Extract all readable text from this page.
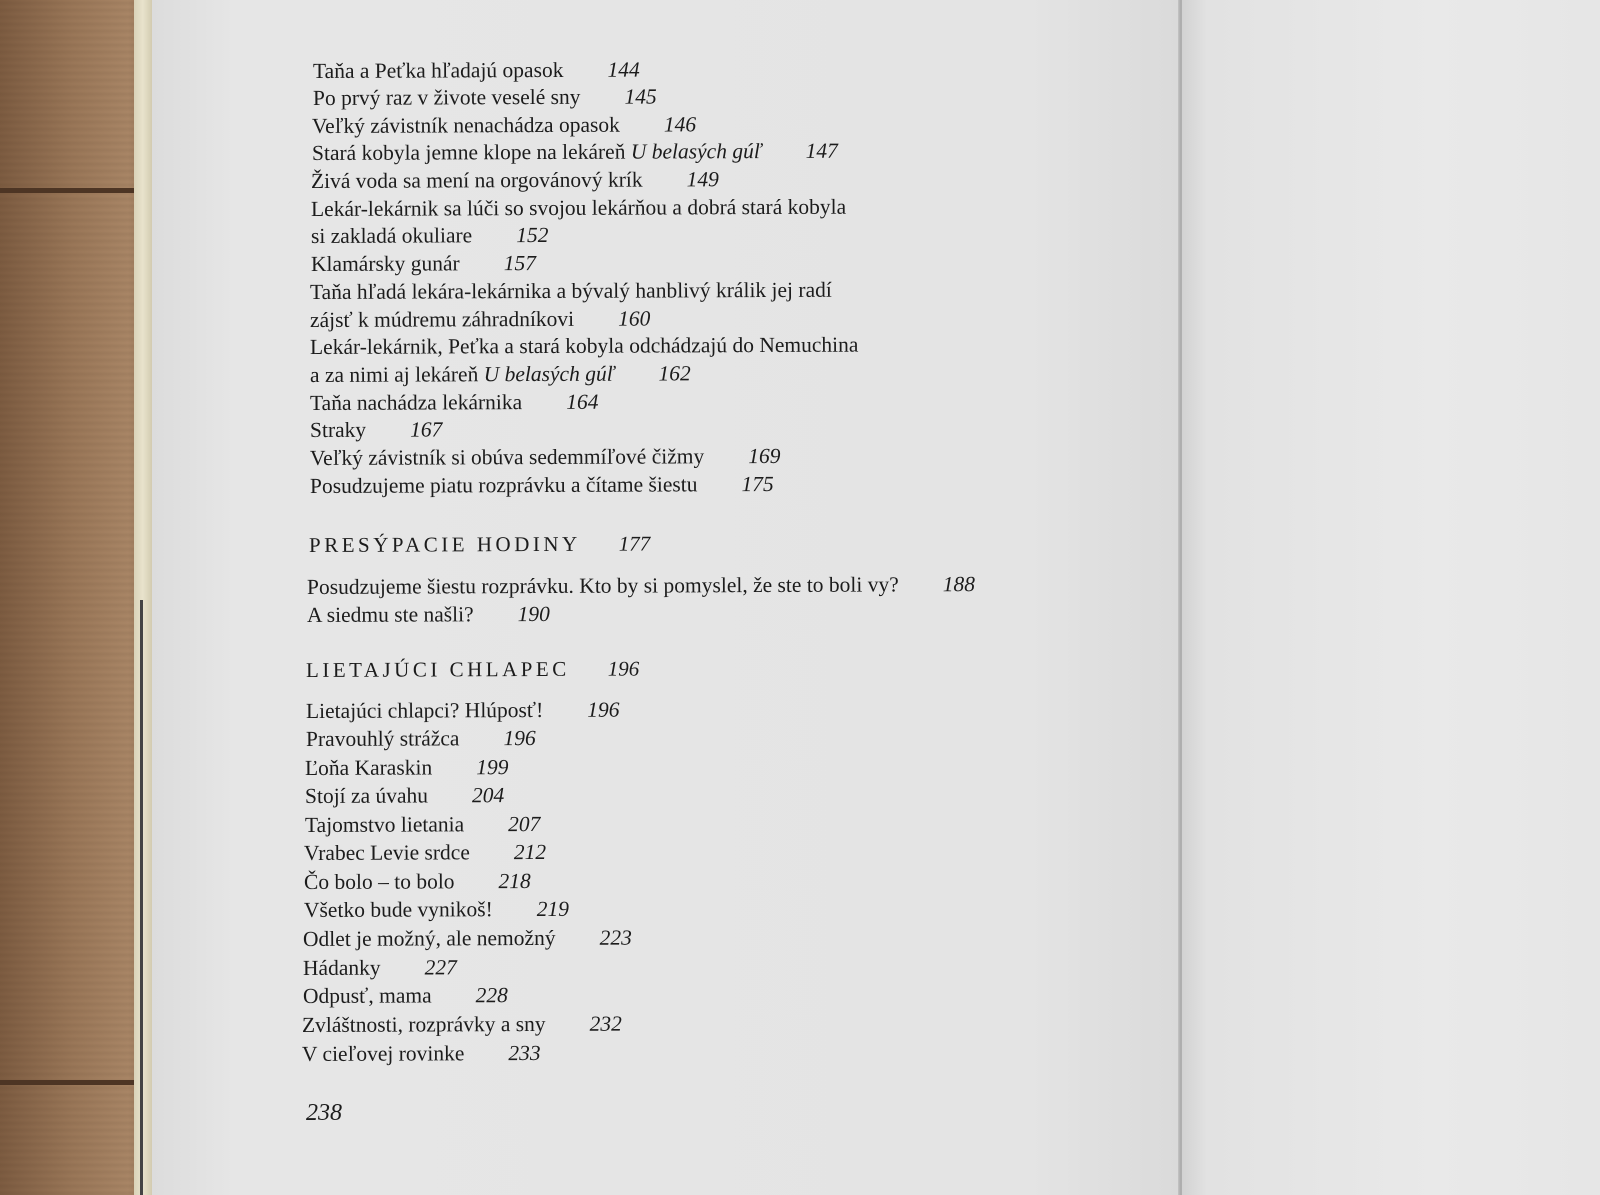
Taňa a Peťka hľadajú opasok 144
Po prvý raz v živote veselé sny 145
Veľký závistník nenachádza opasok 146
Stará kobyla jemne klope na lekáreň U belasých gúľ 147
Živá voda sa mení na orgovánový krík 149
Lekár-lekárnik sa lúči so svojou lekárňou a dobrá stará kobyla
si zakladá okuliare 152
Klamársky gunár 157
Taňa hľadá lekára-lekárnika a bývalý hanblivý králik jej radí
zájsť k múdremu záhradníkovi 160
Lekár-lekárnik, Peťka a stará kobyla odchádzajú do Nemuchina
a za nimi aj lekáreň U belasých gúľ 162
Taňa nachádza lekárnika 164
Straky 167
Veľký závistník si obúva sedemmíľové čižmy 169
Posudzujeme piatu rozprávku a čítame šiestu 175
PRESÝPACIE HODINY 177
Posudzujeme šiestu rozprávku. Kto by si pomyslel, že ste to boli vy? 188
A siedmu ste našli? 190
LIETAJÚCI CHLAPEC 196
Lietajúci chlapci? Hlúposť! 196
Pravouhlý strážca 196
Ľoňa Karaskin 199
Stojí za úvahu 204
Tajomstvo lietania 207
Vrabec Levie srdce 212
Čo bolo – to bolo 218
Všetko bude vynikoš! 219
Odlet je možný, ale nemožný 223
Hádanky 227
Odpusť, mama 228
Zvláštnosti, rozprávky a sny 232
V cieľovej rovinke 233
238
